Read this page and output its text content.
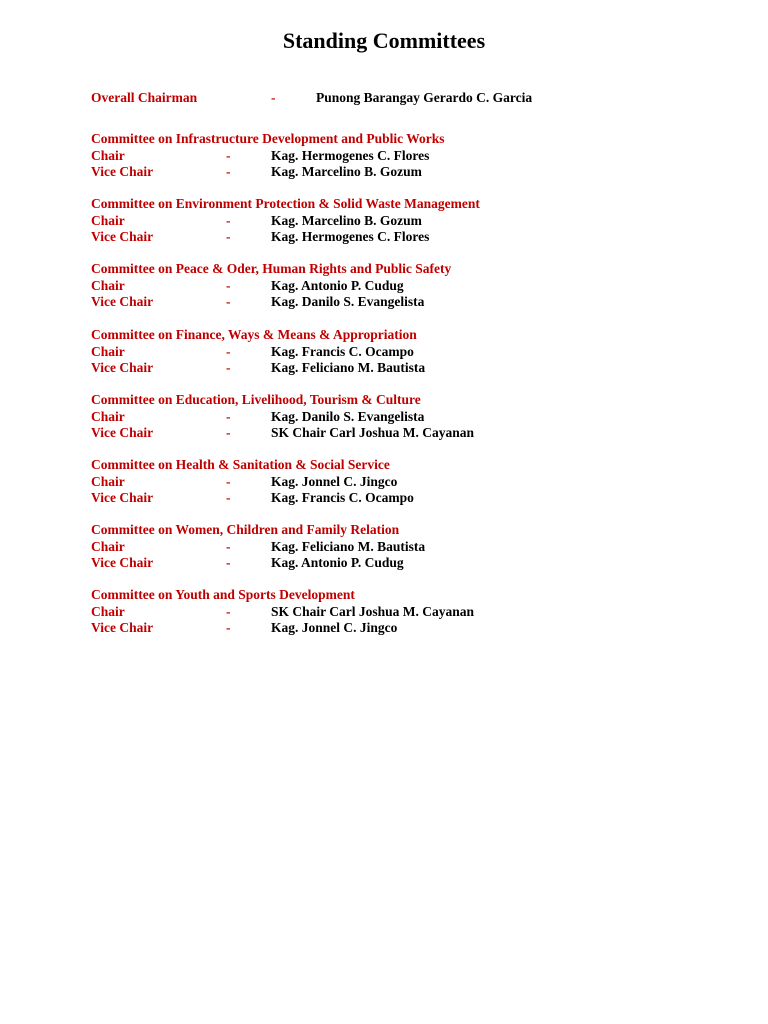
Standing Committees
Overall Chairman	-	Punong Barangay Gerardo C. Garcia
Committee on Infrastructure Development and Public Works
Chair	-	Kag. Hermogenes C. Flores
Vice Chair	-	Kag. Marcelino B. Gozum
Committee on Environment Protection & Solid Waste Management
Chair	-	Kag. Marcelino B. Gozum
Vice Chair	-	Kag. Hermogenes C. Flores
Committee on Peace & Oder, Human Rights and Public Safety
Chair	-	Kag. Antonio P. Cudug
Vice Chair	-	Kag. Danilo S. Evangelista
Committee on Finance, Ways & Means & Appropriation
Chair	-	Kag. Francis C. Ocampo
Vice Chair	-	Kag. Feliciano M. Bautista
Committee on Education, Livelihood, Tourism & Culture
Chair	-	Kag. Danilo S. Evangelista
Vice Chair	-	SK Chair Carl Joshua M. Cayanan
Committee on Health & Sanitation & Social Service
Chair	-	Kag. Jonnel C. Jingco
Vice Chair	-	Kag. Francis C. Ocampo
Committee on Women, Children and Family Relation
Chair	-	Kag. Feliciano M. Bautista
Vice Chair	-	Kag. Antonio P. Cudug
Committee on Youth and Sports Development
Chair	-	SK Chair Carl Joshua M. Cayanan
Vice Chair	-	Kag. Jonnel C. Jingco
